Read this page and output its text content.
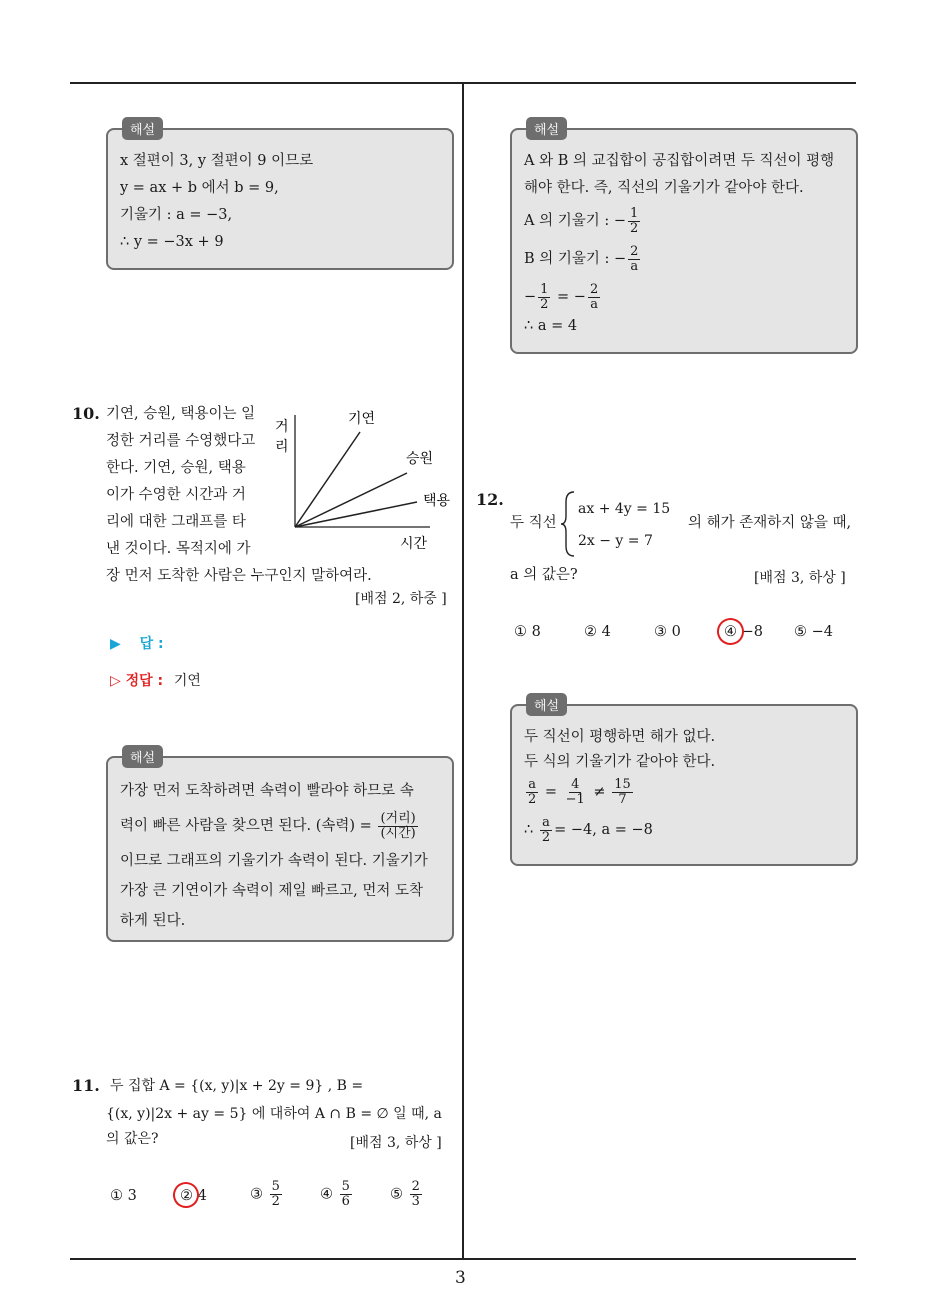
3
해설
x 절편이 3, y 절편이 9 이므로
y = ax + b 에서 b = 9,
기울기 : a = −3,
∴ y = −3x + 9
10. 기연, 승원, 택용이는 일
정한 거리를 수영했다고
한다. 기연, 승원, 택용
이가 수영한 시간과 거
리에 대한 그래프를 타
낸 것이다. 목적지에 가
장 먼저 도착한 사람은 누구인지 말하여라.
[배점 2, 하중 ]
거
리
시간
기연
승원
택용
▶ 답 :
▷ 정답 : 기연
해설
가장 먼저 도착하려면 속력이 빨라야 하므로 속
력이 빠른 사람을 찾으면 된다. (속력) = $\frac{\text{(거리)}}{\text{(시간)}}$
이므로 그래프의 기울기가 속력이 된다. 기울기가
가장 큰 기연이가 속력이 제일 빠르고, 먼저 도착
하게 된다.
11. 두 집합 A = {(x, y)|x + 2y = 9} , B =
{(x, y)|2x + ay = 5} 에 대하여 A ∩ B = ∅ 일 때, a
의 값은?	[배점 3, 하상 ]
① 3	② 4	③ $\frac{5}{2}$	④ $\frac{5}{6}$	⑤ $\frac{2}{3}$
해설
A 와 B 의 교집합이 공집합이려면 두 직선이 평행
해야 한다. 즉, 직선의 기울기가 같아야 한다.
A 의 기울기 : − $\frac{1}{2}$
B 의 기울기 : − $\frac{2}{a}$
− $\frac{1}{2}$ = − $\frac{2}{a}$
∴ a = 4
12.
두 직선
ax + 4y = 15
2x − y = 7
의 해가 존재하지 않을 때,
a 의 값은?	[배점 3, 하상 ]
① 8	② 4	③ 0	④ −8 ⑤ −4
해설
두 직선이 평행하면 해가 없다.
두 식의 기울기가 같아야 한다.
$\frac{a}{2} = \frac{4}{-1} \ne \frac{15}{7}$
∴ $\frac{a}{2} = -4$, a = −8
